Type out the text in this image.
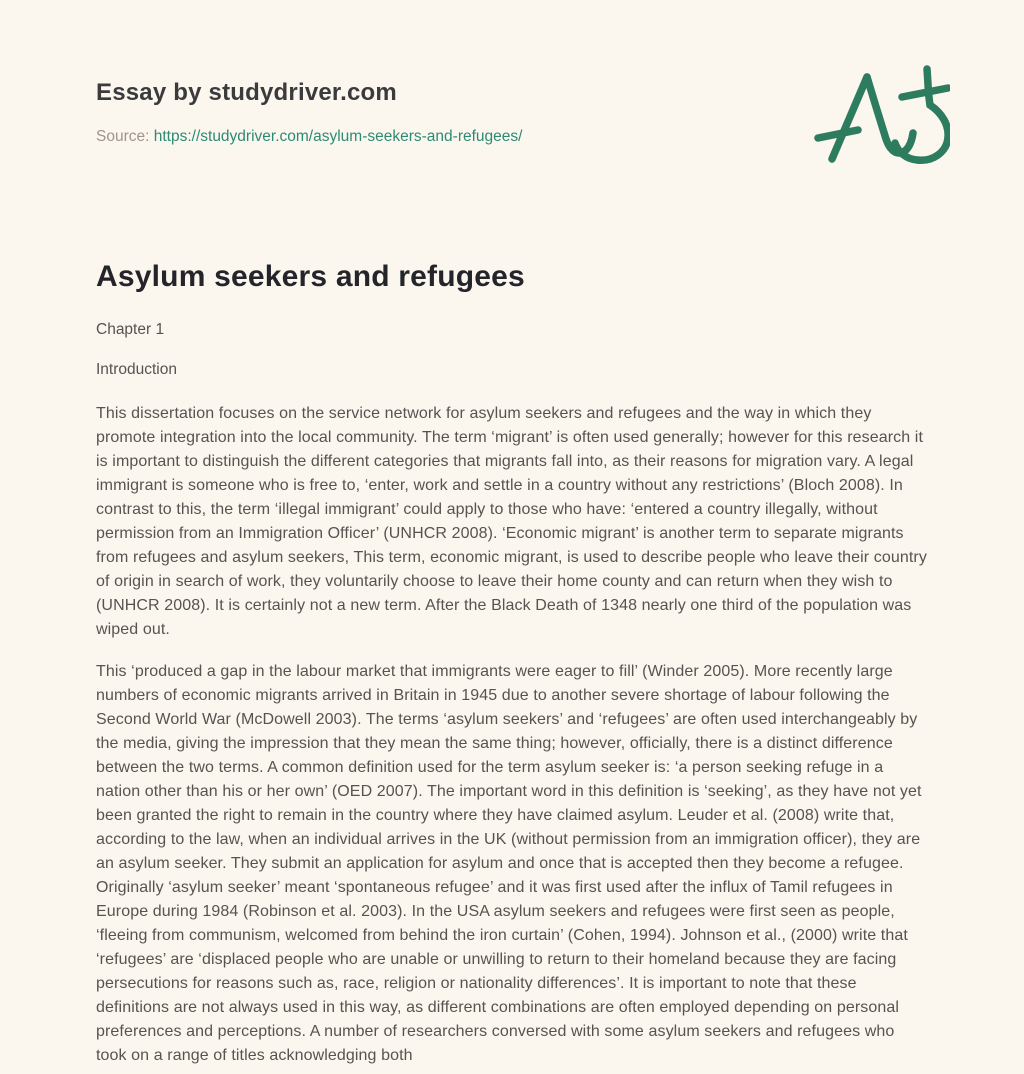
Essay by studydriver.com

Source: https://studydriver.com/asylum-seekers-and-refugees/

Asylum seekers and refugees

Chapter 1

Introduction

This dissertation focuses on the service network for asylum seekers and refugees and the way in which they promote integration into the local community. The term ‘migrant’ is often used generally; however for this research it is important to distinguish the different categories that migrants fall into, as their reasons for migration vary. A legal immigrant is someone who is free to, ‘enter, work and settle in a country without any restrictions’ (Bloch 2008). In contrast to this, the term ‘illegal immigrant’ could apply to those who have: ‘entered a country illegally, without permission from an Immigration Officer’ (UNHCR 2008). ‘Economic migrant’ is another term to separate migrants from refugees and asylum seekers, This term, economic migrant, is used to describe people who leave their country of origin in search of work, they voluntarily choose to leave their home county and can return when they wish to (UNHCR 2008). It is certainly not a new term. After the Black Death of 1348 nearly one third of the population was wiped out.

This ‘produced a gap in the labour market that immigrants were eager to fill’ (Winder 2005). More recently large numbers of economic migrants arrived in Britain in 1945 due to another severe shortage of labour following the Second World War (McDowell 2003). The terms ‘asylum seekers’ and ‘refugees’ are often used interchangeably by the media, giving the impression that they mean the same thing; however, officially, there is a distinct difference between the two terms. A common definition used for the term asylum seeker is: ‘a person seeking refuge in a nation other than his or her own’ (OED 2007). The important word in this definition is ‘seeking’, as they have not yet been granted the right to remain in the country where they have claimed asylum. Leuder et al. (2008) write that, according to the law, when an individual arrives in the UK (without permission from an immigration officer), they are an asylum seeker. They submit an application for asylum and once that is accepted then they become a refugee. Originally ‘asylum seeker’ meant ‘spontaneous refugee’ and it was first used after the influx of Tamil refugees in Europe during 1984 (Robinson et al. 2003). In the USA asylum seekers and refugees were first seen as people, ‘fleeing from communism, welcomed from behind the iron curtain’ (Cohen, 1994). Johnson et al., (2000) write that ‘refugees’ are ‘displaced people who are unable or unwilling to return to their homeland because they are facing persecutions for reasons such as, race, religion or nationality differences’. It is important to note that these definitions are not always used in this way, as different combinations are often employed depending on personal preferences and perceptions. A number of researchers conversed with some asylum seekers and refugees who took on a range of titles acknowledging both
